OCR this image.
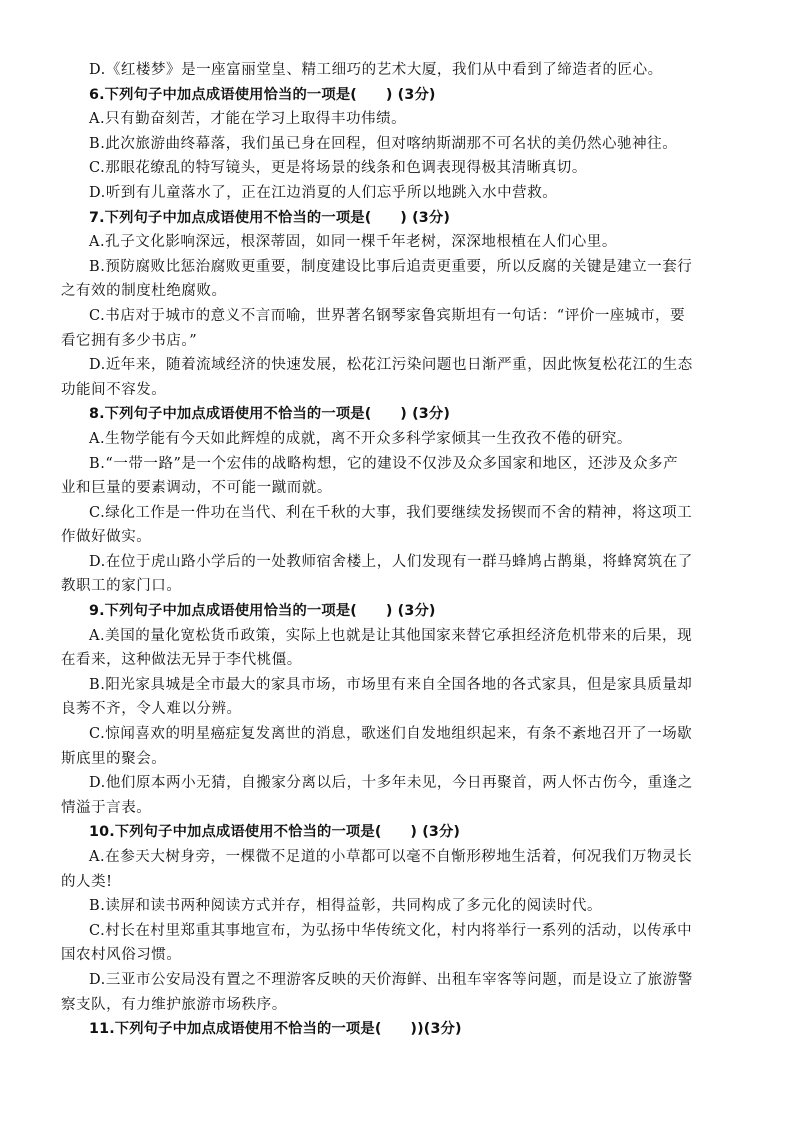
D.《红楼梦》是一座富丽堂皇、精工细巧的艺术大厦，我们从中看到了缔造者的匠心。

6.下列句子中加点成语使用恰当的一项是(　　) (3分)

A.只有勤奋刻苦，才能在学习上取得丰功伟绩。

B.此次旅游曲终幕落，我们虽已身在回程，但对喀纳斯湖那不可名状的美仍然心驰神往。

C.那眼花缭乱的特写镜头，更是将场景的线条和色调表现得极其清晰真切。

D.听到有儿童落水了，正在江边消夏的人们忘乎所以地跳入水中营救。

7.下列句子中加点成语使用不恰当的一项是(　　) (3分)

A.孔子文化影响深远，根深蒂固，如同一棵千年老树，深深地根植在人们心里。

B.预防腐败比惩治腐败更重要，制度建设比事后追责更重要，所以反腐的关键是建立一套行

之有效的制度杜绝腐败。

C.书店对于城市的意义不言而喻，世界著名钢琴家鲁宾斯坦有一句话：“评价一座城市，要

看它拥有多少书店。”

D.近年来，随着流域经济的快速发展，松花江污染问题也日渐严重，因此恢复松花江的生态

功能间不容发。

8.下列句子中加点成语使用不恰当的一项是(　　) (3分)

A.生物学能有今天如此辉煌的成就，离不开众多科学家倾其一生孜孜不倦的研究。

B.“一带一路”是一个宏伟的战略构想，它的建设不仅涉及众多国家和地区，还涉及众多产

业和巨量的要素调动，不可能一蹴而就。

C.绿化工作是一件功在当代、利在千秋的大事，我们要继续发扬锲而不舍的精神，将这项工

作做好做实。

D.在位于虎山路小学后的一处教师宿舍楼上，人们发现有一群马蜂鸠占鹊巢，将蜂窝筑在了

教职工的家门口。

9.下列句子中加点成语使用恰当的一项是(　　) (3分)

A.美国的量化宽松货币政策，实际上也就是让其他国家来替它承担经济危机带来的后果，现

在看来，这种做法无异于李代桃僵。

B.阳光家具城是全市最大的家具市场，市场里有来自全国各地的各式家具，但是家具质量却

良莠不齐，令人难以分辨。

C.惊闻喜欢的明星癌症复发离世的消息，歌迷们自发地组织起来，有条不紊地召开了一场歇

斯底里的聚会。

D.他们原本两小无猜，自搬家分离以后，十多年未见，今日再聚首，两人怀古伤今，重逢之

情溢于言表。

10.下列句子中加点成语使用不恰当的一项是(　　) (3分)

A.在参天大树身旁，一棵微不足道的小草都可以毫不自惭形秽地生活着，何况我们万物灵长

的人类!

B.读屏和读书两种阅读方式并存，相得益彰，共同构成了多元化的阅读时代。

C.村长在村里郑重其事地宣布，为弘扬中华传统文化，村内将举行一系列的活动，以传承中

国农村风俗习惯。

D.三亚市公安局没有置之不理游客反映的天价海鲜、出租车宰客等问题，而是设立了旅游警

察支队，有力维护旅游市场秩序。

11.下列句子中加点成语使用不恰当的一项是(　　))(3分)
